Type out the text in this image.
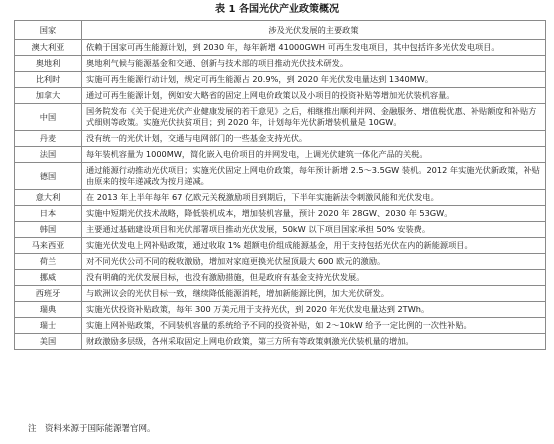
表 1 各国光伏产业政策概况
国家	涉及光伏发展的主要政策
澳大利亚	依赖于国家可再生能源计划，到 2030 年，每年新增 41000GWH 可再生发电项目，其中包括许多光伏发电项目。
奥地利	奥地利气候与能源基金和交通、创新与技术部的项目推动光伏技术研发。
比利时	实施可再生能源行动计划，规定可再生能源占 20.9%，到 2020 年光伏发电量达到 1340MW。
加拿大	通过可再生能源计划，例如安大略省的固定上网电价政策以及小项目的投资补贴等增加光伏装机容量。
中国	国务院发布《关于促进光伏产业健康发展的若干意见》之后，相继推出顺利并网、金融服务、增值税优惠、补贴额度和补贴方式细则等政策。实施光伏扶贫项目；到 2020 年，计划每年光伏新增装机量是 10GW。
丹麦	没有统一的光伏计划，交通与电网部门的一些基金支持光伏。
法国	每年装机容量为 1000MW，简化嵌入电价项目的并网发电，上调光伏建筑一体化产品的关税。
德国	通过能源行动推动光伏项目；实施光伏固定上网电价政策，每年预计新增 2.5～3.5GW 装机。2012 年实施光伏新政策，补贴由原来的按年递减改为按月递减。
意大利	在 2013 年上半年每年 67 亿欧元关税激励项目到期后，下半年实施新法令刺激风能和光伏发电。
日本	实施中短期光伏技术战略，降低装机成本，增加装机容量，预计 2020 年 28GW、2030 年 53GW。
韩国	主要通过基础建设项目和光伏部署项目推动光伏发展，50kW 以下项目国家承担 50% 安装费。
马来西亚	实施光伏发电上网补贴政策，通过收取 1% 超额电价组成能源基金，用于支持包括光伏在内的新能源项目。
荷兰	对不同光伏公司不同的税收激励，增加对家庭更换光伏屋顶最大 600 欧元的激励。
挪威	没有明确的光伏发展目标，也没有激励措施，但是政府有基金支持光伏发展。
西班牙	与欧洲议会的光伏目标一致，继续降低能源消耗，增加新能源比例，加大光伏研发。
瑞典	实施光伏投资补贴政策，每年 300 万美元用于支持光伏，到 2020 年光伏发电量达到 2TWh。
瑞士	实施上网补贴政策，不同装机容量的系统给予不同的投资补贴，如 2～10kW 给予一定比例的一次性补贴。
美国	财政激励多层级，各州采取固定上网电价政策，第三方所有等政策刺激光伏装机量的增加。
注　资料来源于国际能源署官网。
